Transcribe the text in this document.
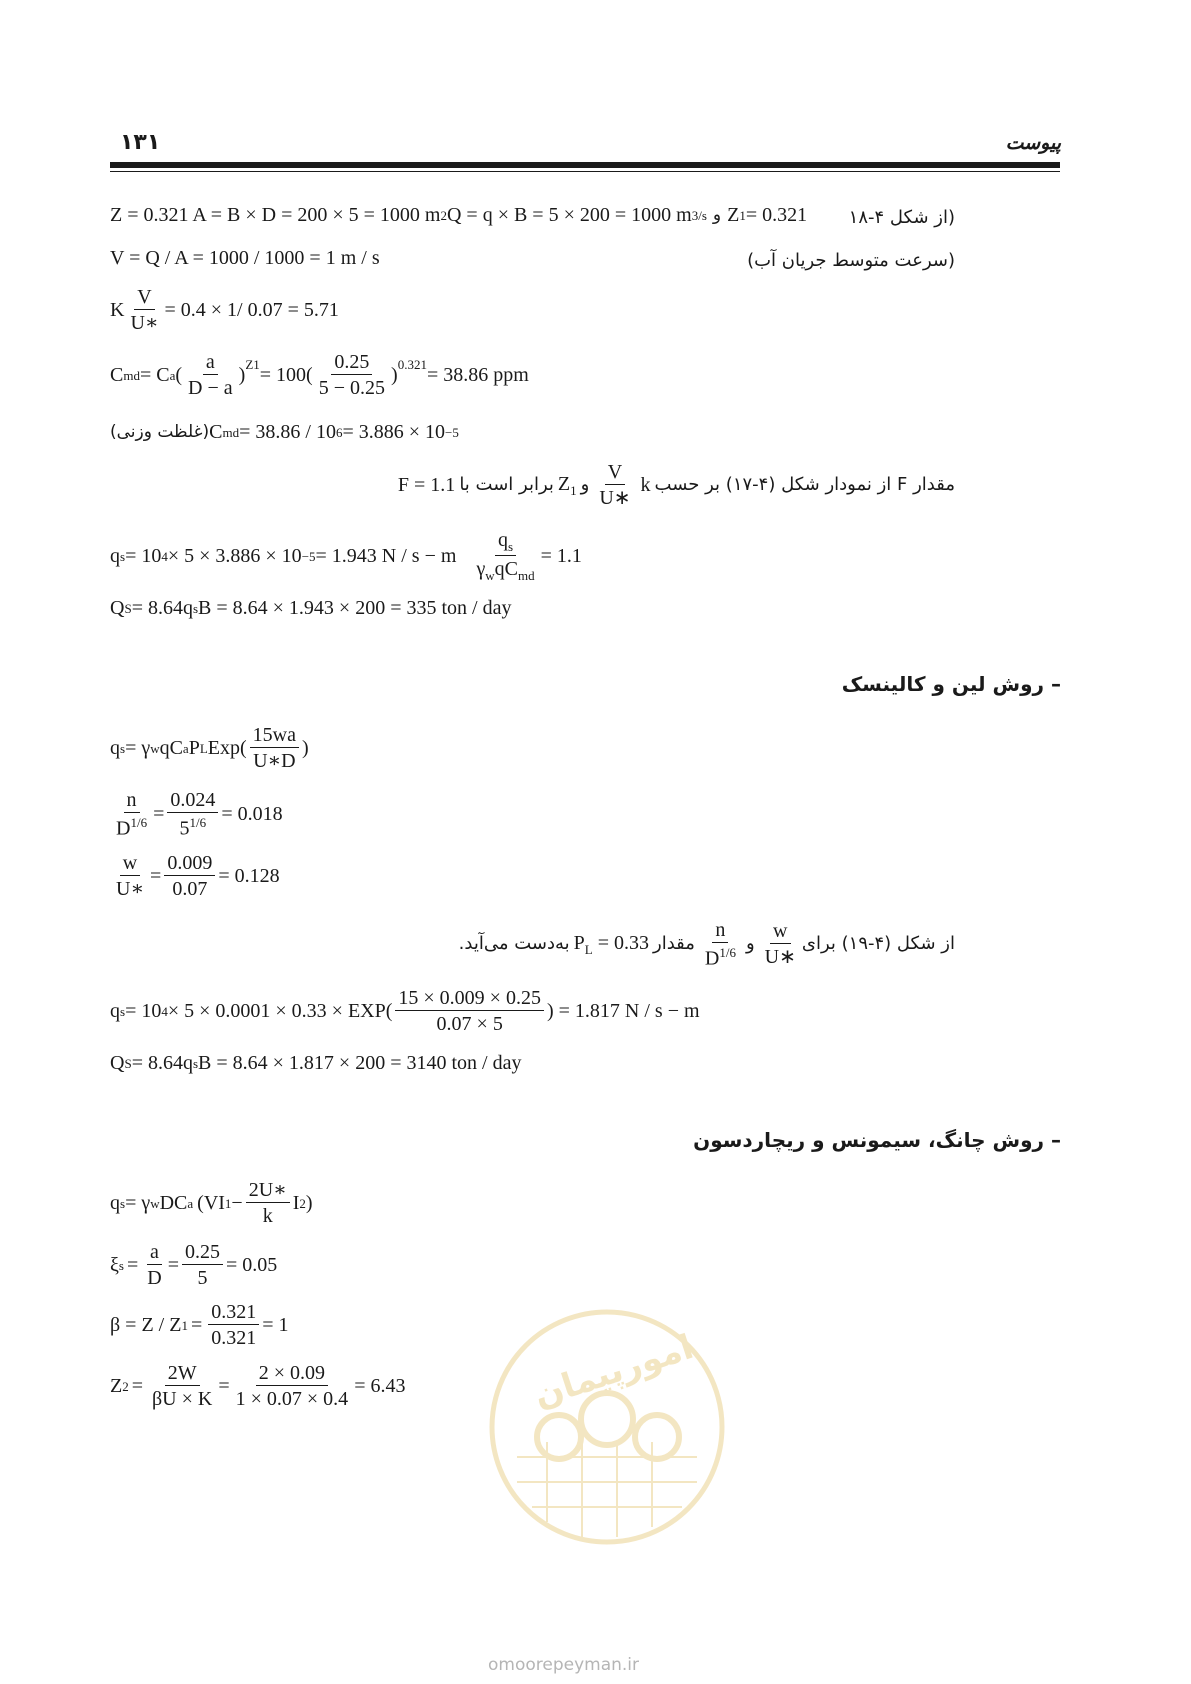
۱۳۱	پیوست
Z = 0.321 A = B × D = 200 × 5 = 1000 m 2 Q = q × B = 5 × 200 = 1000 m 3/s و Z 1 = 0.321 (از شکل ۴-۱۸
V = Q / A = 1000 / 1000 = 1 m / s	(سرعت متوسط جریان آب)
K $\frac{V}{U∗} = 0.4 \times 1/$ 0.07 = 5.71
C md = C a ( $\frac{a}{D - a} )^{Z1} = 100( \frac{0.25}{5 - 0.25} )^{0.321} = 38.86$ ppm
(غلظت وزنی) C md = 38.86 / 10 6 = 3.886 × 10 −5
مقدار F از نمودار شکل (۴-۱۷) بر حسب
k
$\frac{V}{U∗}$
و
$Z_1$
برابر است با
F = 1.1
q s = 10 4 × 5 × 3.886 × 10 −5 = 1.943 N / s − m $\frac{q_s}{\gamma_wqC_{md}} = 1.1$
Q S = 8.64q s B = 8.64 × 1.943 × 200 = 335 ton / day
– روش لین و کالینسک
q s = γ w qC a P L $Exp( \frac{15wa}{U∗D}$ )
$\frac{n}{D^{1/6}} = \frac{0.024}{5^{1/6}} = 0.018$
$\frac{w}{U∗} = \frac{0.009}{0.07} = 0.128$
از شکل (۴-۱۹) برای
$\frac{w}{U∗}$
و
$\frac{n}{D^{1/6}}$
مقدار
$P_L = 0.33$
به‌دست می‌آید.
q s = 10 $4 \times 5 \times 0.0001 \times 0.33 \times EXP( \frac{15 \times 0.009 \times 0.25}{0.07 \times 5}$ ) = 1.817 N / s − m
Q S = 8.64q s B = 8.64 × 1.817 × 200 = 3140 ton / day
– روش چانگ، سیمونس و ریچاردسون
q s = γ w DC a (VI $1 - \frac{2U∗}{k}$ I 2 )
ξ $s = \frac{a}{D} = \frac{0.25}{5} = 0.05$
β = Z / Z $1 = \frac{0.321}{0.321} = 1$
Z $2 = \frac{2W}{\beta U \times K} = \frac{2 \times 0.09}{1 \times 0.07 \times 0.4} = 6.43$	امورپیمان
omoorepeyman.ir
